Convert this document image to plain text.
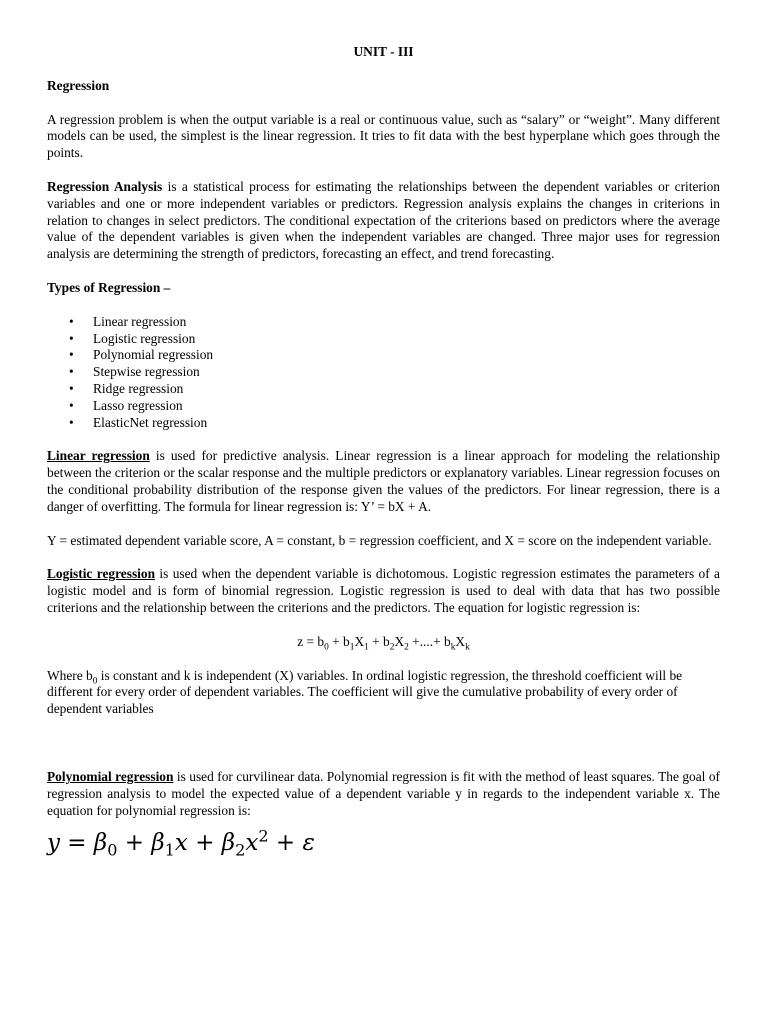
UNIT - III
Regression

A regression problem is when the output variable is a real or continuous value, such as “salary” or “weight”. Many different models can be used, the simplest is the linear regression. It tries to fit data with the best hyperplane which goes through the points.

Regression Analysis is a statistical process for estimating the relationships between the dependent variables or criterion variables and one or more independent variables or predictors. Regression analysis explains the changes in criterions in relation to changes in select predictors. The conditional expectation of the criterions based on predictors where the average value of the dependent variables is given when the independent variables are changed. Three major uses for regression analysis are determining the strength of predictors, forecasting an effect, and trend forecasting.

Types of Regression –
• Linear regression
• Logistic regression
• Polynomial regression
• Stepwise regression
• Ridge regression
• Lasso regression
• ElasticNet regression

Linear regression is used for predictive analysis. Linear regression is a linear approach for modeling the relationship between the criterion or the scalar response and the multiple predictors or explanatory variables. Linear regression focuses on the conditional probability distribution of the response given the values of the predictors. For linear regression, there is a danger of overfitting. The formula for linear regression is: Y’ = bX + A.

Y = estimated dependent variable score, A = constant, b = regression coefficient, and X = score on the independent variable.

Logistic regression is used when the dependent variable is dichotomous. Logistic regression estimates the parameters of a logistic model and is form of binomial regression. Logistic regression is used to deal with data that has two possible criterions and the relationship between the criterions and the predictors. The equation for logistic regression is:

$z = b_0 + b_1X_1 + b_2X_2$ +....+ $b_kX_k$

Where $b_0$ is constant and k is independent (X) variables. In ordinal logistic regression, the threshold coefficient will be different for every order of dependent variables. The coefficient will give the cumulative probability of every order of dependent variables

Polynomial regression is used for curvilinear data. Polynomial regression is fit with the method of least squares. The goal of regression analysis to model the expected value of a dependent variable y in regards to the independent variable x. The equation for polynomial regression is:

$y = \beta_0 + \beta_1x + \beta_2x^2 + \varepsilon$
